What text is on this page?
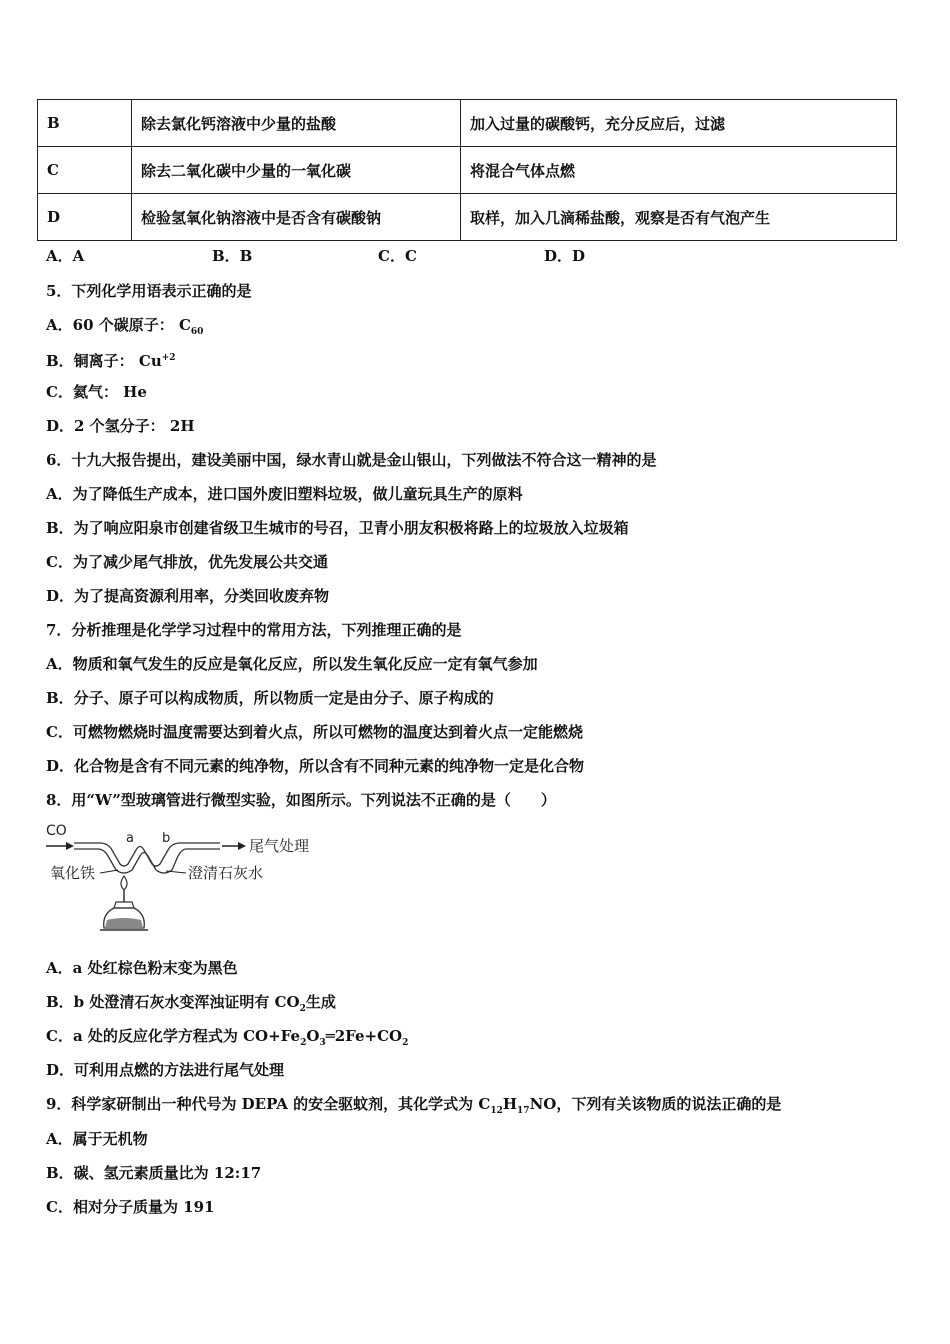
B	除去氯化钙溶液中少量的盐酸	加入过量的碳酸钙，充分反应后，过滤
C	除去二氧化碳中少量的一氧化碳	将混合气体点燃
D	检验氢氧化钠溶液中是否含有碳酸钠	取样，加入几滴稀盐酸，观察是否有气泡产生
A．A	B．B	C．C	D．D
5．下列化学用语表示正确的是
A．60 个碳原子： $C_{60}$
B．铜离子： $Cu^{+2}$
C．氦气： He
D．2 个氢分子： 2H
6．十九大报告提出，建设美丽中国，绿水青山就是金山银山，下列做法不符合这一精神的是
A．为了降低生产成本，进口国外废旧塑料垃圾，做儿童玩具生产的原料
B．为了响应阳泉市创建省级卫生城市的号召，卫青小朋友积极将路上的垃圾放入垃圾箱
C．为了减少尾气排放，优先发展公共交通
D．为了提高资源利用率，分类回收废弃物
7．分析推理是化学学习过程中的常用方法，下列推理正确的是
A．物质和氧气发生的反应是氧化反应，所以发生氧化反应一定有氧气参加
B．分子、原子可以构成物质，所以物质一定是由分子、原子构成的
C．可燃物燃烧时温度需要达到着火点，所以可燃物的温度达到着火点一定能燃烧
D．化合物是含有不同元素的纯净物，所以含有不同种元素的纯净物一定是化合物
8．用“W”型玻璃管进行微型实验，如图所示。下列说法不正确的是（　　）
CO	a b	尾气处理
氧化铁	澄清石灰水
A．a 处红棕色粉末变为黑色
B．b 处澄清石灰水变浑浊证明有 $CO_2$生成
C．a 处的反应化学方程式为 $CO+Fe_2O_3═2Fe+CO_2$
D．可利用点燃的方法进行尾气处理
9．科学家研制出一种代号为 DEPA 的安全驱蚊剂，其化学式为 $C_{12}H_{17}NO$，下列有关该物质的说法正确的是
A．属于无机物
B．碳、氢元素质量比为 12:17
C．相对分子质量为 191
